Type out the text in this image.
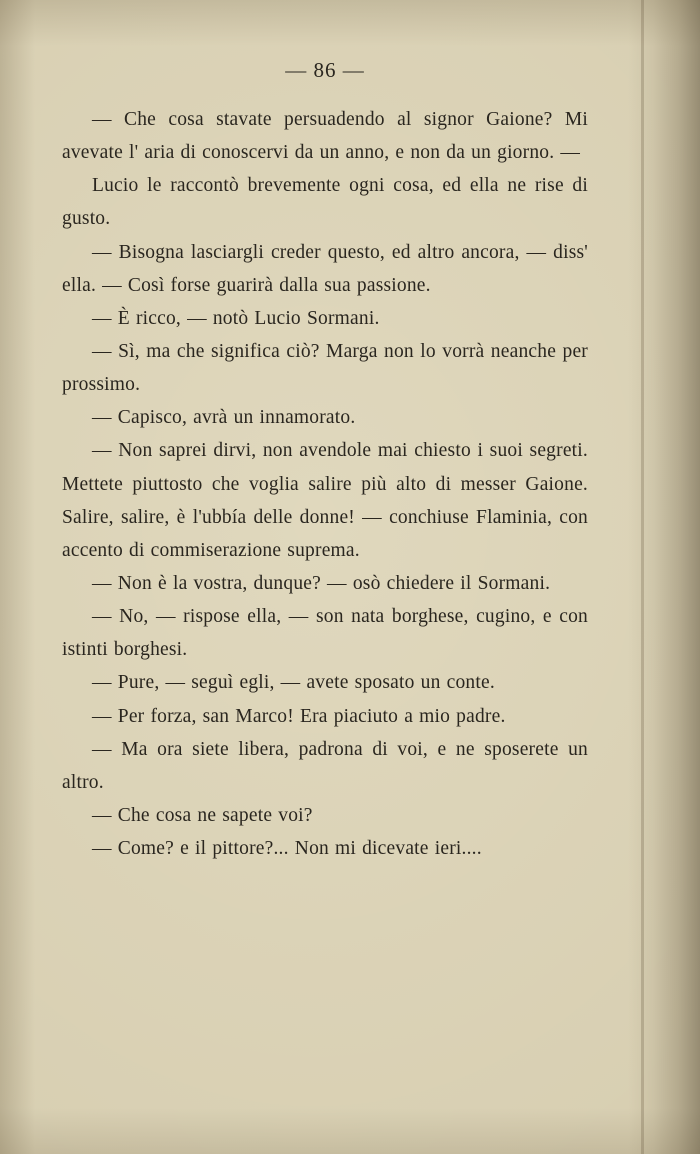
— 86 —

— Che cosa stavate persuadendo al signor Gaione? Mi avevate l' aria di conoscervi da un anno, e non da un giorno. —

Lucio le raccontò brevemente ogni cosa, ed ella ne rise di gusto.

— Bisogna lasciargli creder questo, ed altro ancora, — diss' ella. — Così forse guarirà dalla sua passione.

— È ricco, — notò Lucio Sormani.

— Sì, ma che significa ciò? Marga non lo vorrà neanche per prossimo.

— Capisco, avrà un innamorato.

— Non saprei dirvi, non avendole mai chiesto i suoi segreti. Mettete piuttosto che voglia salire più alto di messer Gaione. Salire, salire, è l'ubbía delle donne! — conchiuse Flaminia, con accento di commiserazione suprema.

— Non è la vostra, dunque? — osò chiedere il Sormani.

— No, — rispose ella, — son nata borghese, cugino, e con istinti borghesi.

— Pure, — seguì egli, — avete sposato un conte.

— Per forza, san Marco! Era piaciuto a mio padre.

— Ma ora siete libera, padrona di voi, e ne sposerete un altro.

— Che cosa ne sapete voi?

— Come? e il pittore?... Non mi dicevate ieri....
